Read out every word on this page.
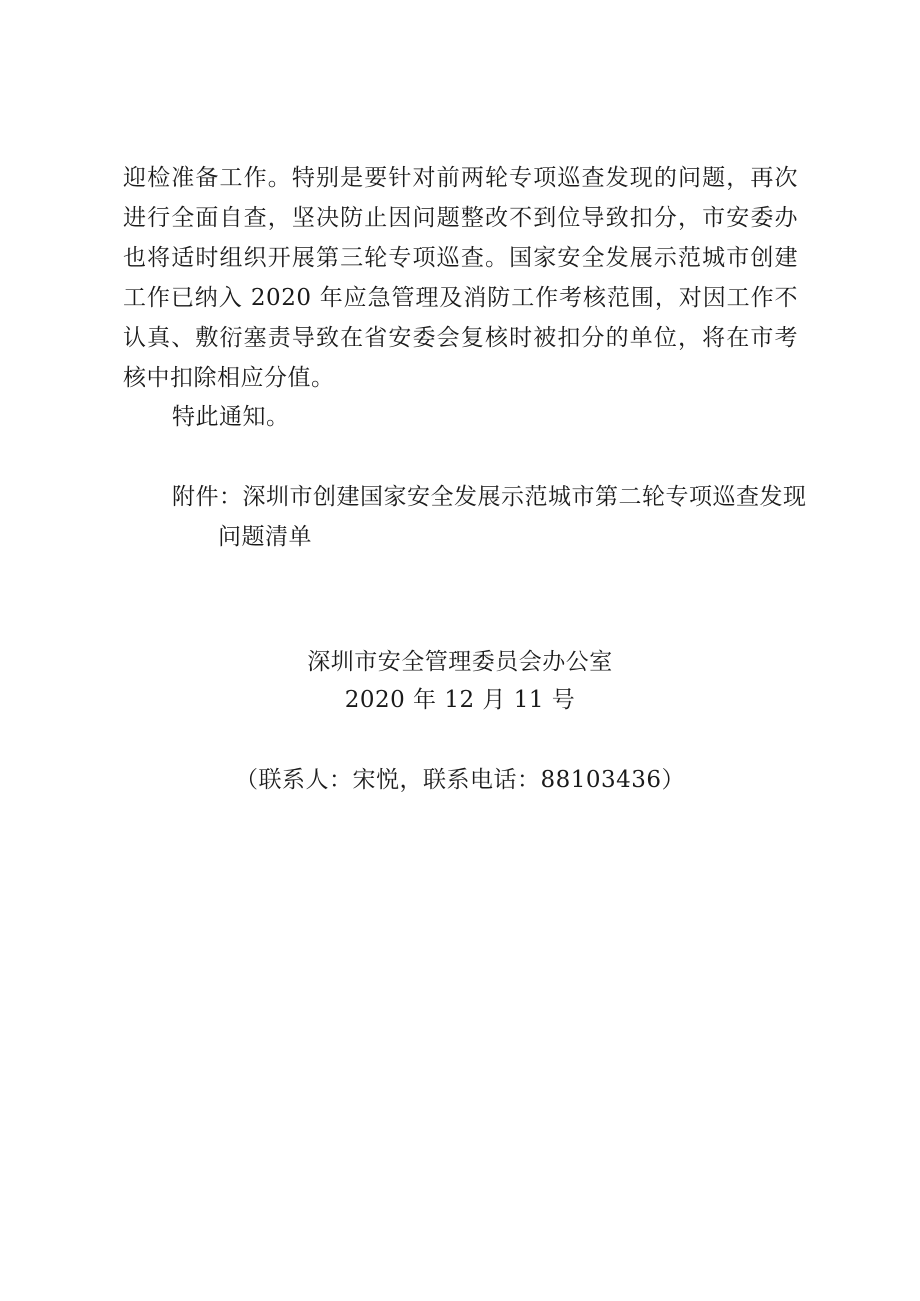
迎检准备工作。特别是要针对前两轮专项巡查发现的问题，再次进行全面自查，坚决防止因问题整改不到位导致扣分，市安委办也将适时组织开展第三轮专项巡查。国家安全发展示范城市创建工作已纳入 2020 年应急管理及消防工作考核范围，对因工作不认真、敷衍塞责导致在省安委会复核时被扣分的单位，将在市考核中扣除相应分值。

特此通知。
附件：深圳市创建国家安全发展示范城市第二轮专项巡查发现
问题清单
深圳市安全管理委员会办公室
2020 年 12 月 11 号
（联系人：宋悦，联系电话：88103436）
